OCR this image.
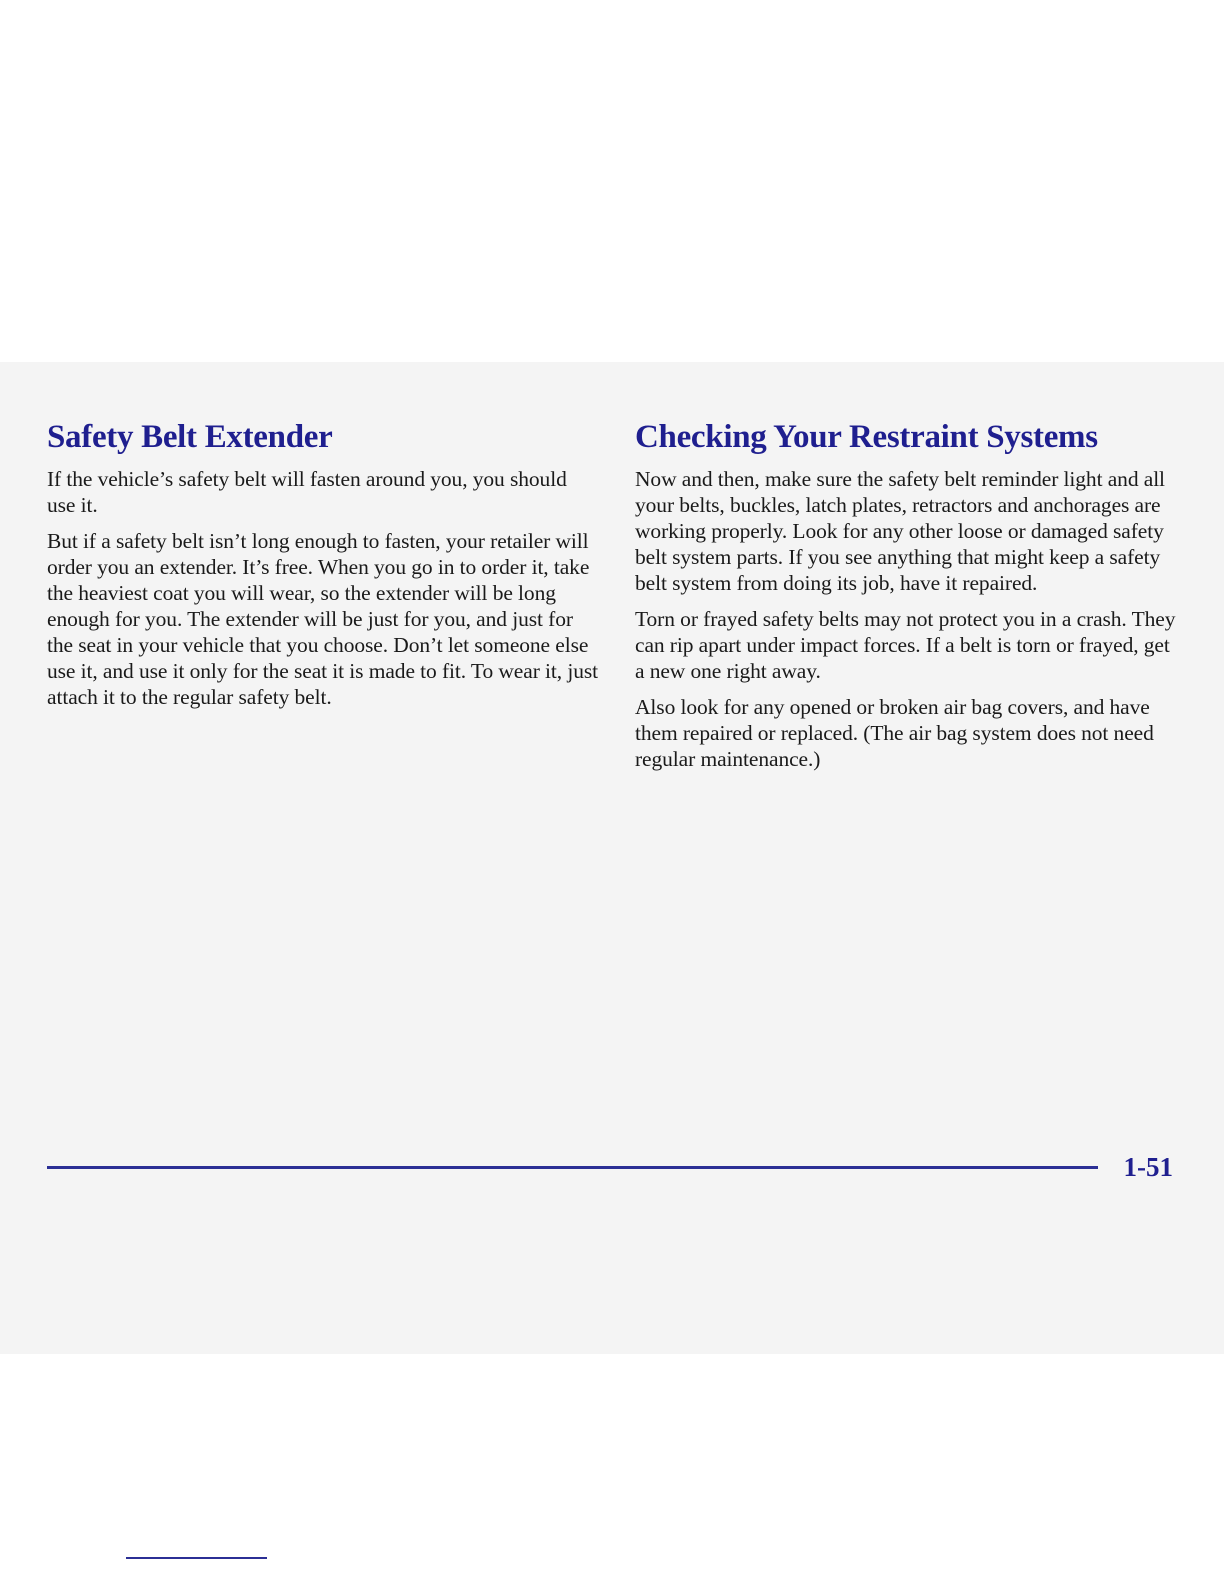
Safety Belt Extender

If the vehicle’s safety belt will fasten around you, you should use it.

But if a safety belt isn’t long enough to fasten, your retailer will order you an extender. It’s free. When you go in to order it, take the heaviest coat you will wear, so the extender will be long enough for you. The extender will be just for you, and just for the seat in your vehicle that you choose. Don’t let someone else use it, and use it only for the seat it is made to fit. To wear it, just attach it to the regular safety belt.

Checking Your Restraint Systems

Now and then, make sure the safety belt reminder light and all your belts, buckles, latch plates, retractors and anchorages are working properly. Look for any other loose or damaged safety belt system parts. If you see anything that might keep a safety belt system from doing its job, have it repaired.

Torn or frayed safety belts may not protect you in a crash. They can rip apart under impact forces. If a belt is torn or frayed, get a new one right away.

Also look for any opened or broken air bag covers, and have them repaired or replaced. (The air bag system does not need regular maintenance.)

1-51
